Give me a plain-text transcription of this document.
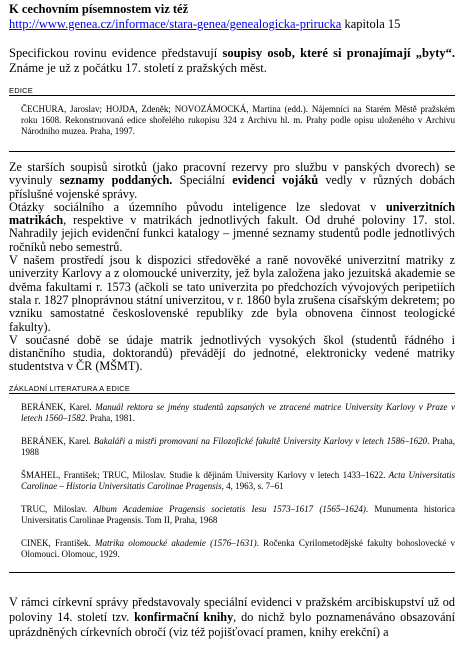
K cechovním písemnostem viz též
http://www.genea.cz/informace/stara-genea/genealogicka-prirucka kapitola 15
Specifickou rovinu evidence představují soupisy osob, které si pronajímají „byty“. Známe je už z počátku 17. století z pražských měst.
EDICE
ČECHURA, Jaroslav; HOJDA, Zdeněk; NOVOZÁMOCKÁ, Martina (edd.). Nájemníci na Starém Městě pražském roku 1608. Rekonstruovaná edice shořelého rukopisu 324 z Archivu hl. m. Prahy podle opisu uloženého v Archivu Národního muzea. Praha, 1997.

Ze starších soupisů sirotků (jako pracovní rezervy pro službu v panských dvorech) se vyvinuly seznamy poddaných. Speciální evidenci vojáků vedly v různých dobách příslušné vojenské správy.

Otázky sociálního a územního původu inteligence lze sledovat v univerzitních matrikách, respektive v matrikách jednotlivých fakult. Od druhé poloviny 17. stol. Nahradily jejich evidenční funkci katalogy – jmenné seznamy studentů podle jednotlivých ročníků nebo semestrů.

V našem prostředí jsou k dispozici středověké a raně novověké univerzitní matriky z univerzity Karlovy a z olomoucké univerzity, jež byla založena jako jezuitská akademie se dvěma fakultami r. 1573 (ačkoli se tato univerzita po předchozích vývojových peripetiích stala r. 1827 plnoprávnou státní univerzitou, v r. 1860 byla zrušena císařským dekretem; po vzniku samostatné československé republiky zde byla obnovena činnost teologické fakulty).

V současné době se údaje matrik jednotlivých vysokých škol (studentů řádného i distančního studia, doktorandů) převádějí do jednotné, elektronicky vedené matriky studentstva v ČR (MŠMT).

ZÁKLADNÍ LITERATURA A EDICE
BERÁNEK, Karel. Manuál rektora se jmény studentů zapsaných ve ztracené matrice University Karlovy v Praze v letech 1560–1582. Praha, 1981.
BERÁNEK, Karel. Bakaláři a mistři promovaní na Filozofické fakultě University Karlovy v letech 1586–1620. Praha, 1988
ŠMAHEL, František; TRUC, Miloslav. Studie k dějinám University Karlovy v letech 1433–1622. Acta Universitatis Carolinae – Historia Universitatis Carolinae Pragensis, 4, 1963, s. 7–61
TRUC, Miloslav. Album Academiae Pragensis societatis Iesu 1573–1617 (1565–1624). Munumenta historica Universitatis Carolinae Pragensis. Tom II, Praha, 1968
CINEK, František. Matrika olomoucké akademie (1576–1631). Ročenka Cyrilometodějské fakulty bohoslovecké v Olomouci. Olomouc, 1929.
V rámci církevní správy představovaly speciální evidenci v pražském arcibiskupství už od poloviny 14. století tzv. konfirmační knihy, do nichž bylo poznamenáváno obsazování uprázdněných církevních obročí (viz též pojišťovací pramen, knihy erekční) a
